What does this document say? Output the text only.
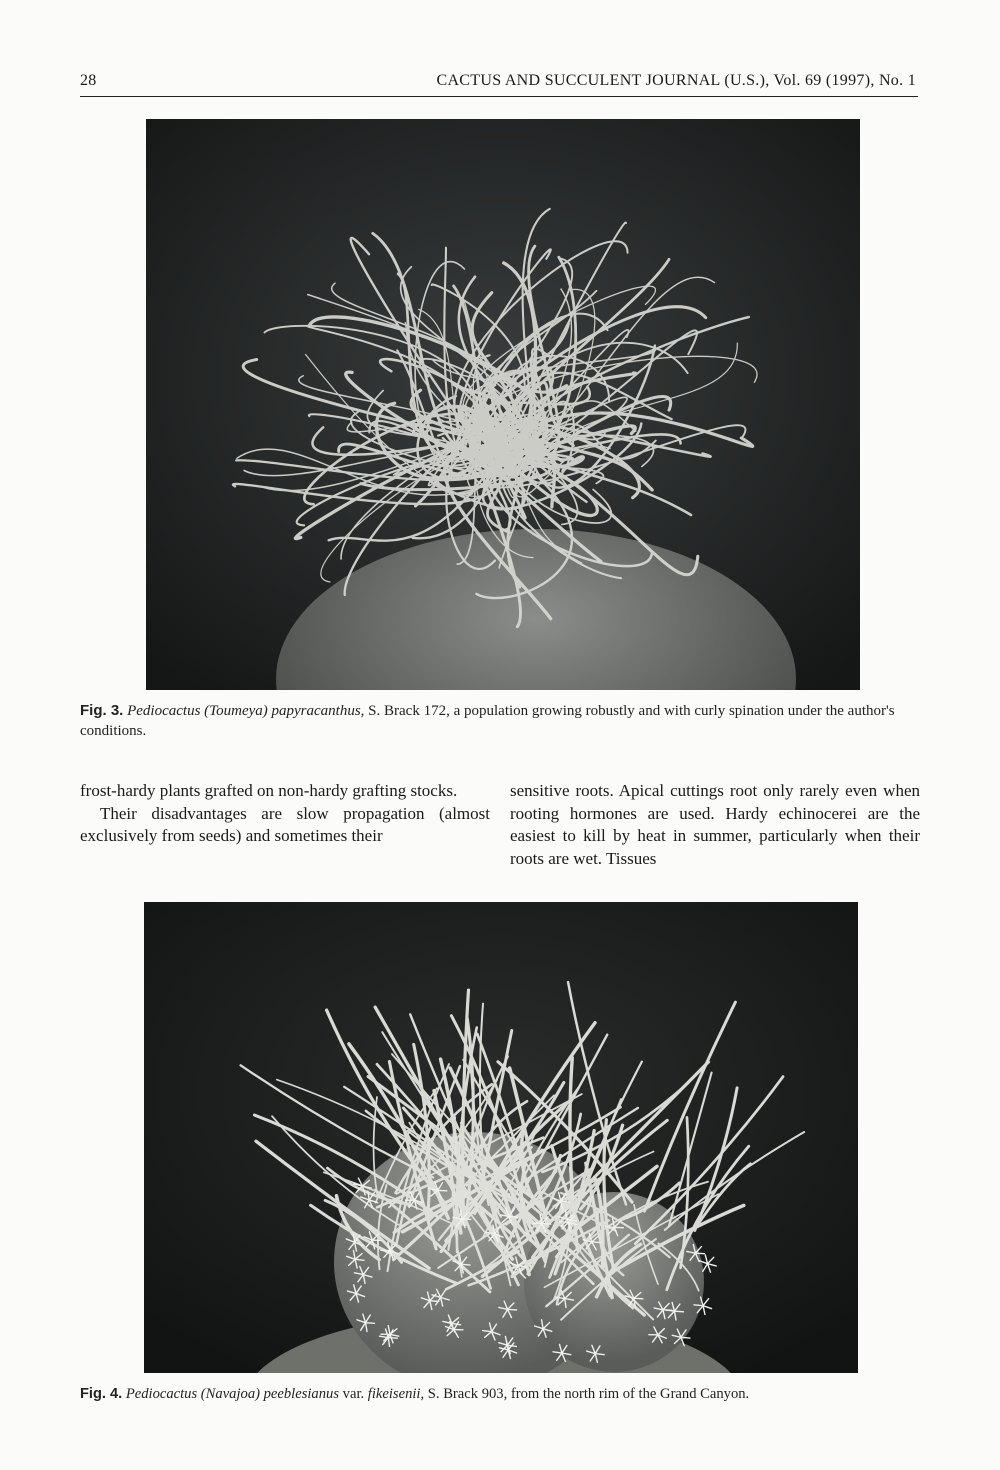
28	CACTUS AND SUCCULENT JOURNAL (U.S.), Vol. 69 (1997), No. 1
Fig. 3. Pediocactus (Toumeya) papyracanthus, S. Brack 172, a population growing robustly and with curly spination under the author's conditions.

frost-hardy plants grafted on non-hardy grafting stocks.

Their disadvantages are slow propagation (almost exclusively from seeds) and sometimes their

sensitive roots. Apical cuttings root only rarely even when rooting hormones are used. Hardy echinocerei are the easiest to kill by heat in summer, particularly when their roots are wet. Tissues

Fig. 4. Pediocactus (Navajoa) peeblesianus var. fikeisenii, S. Brack 903, from the north rim of the Grand Canyon.
